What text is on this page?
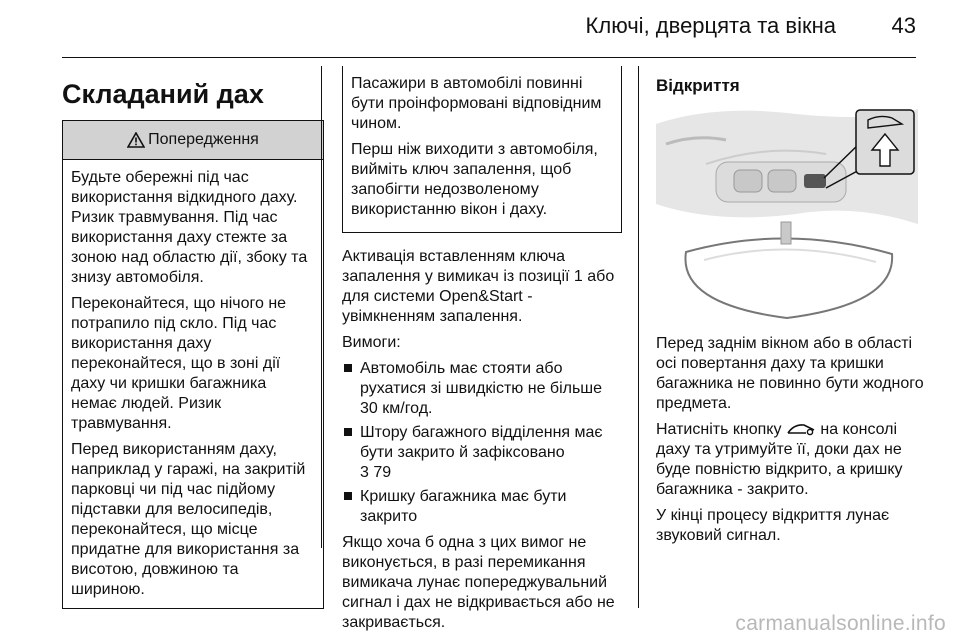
Ключі, дверцята та вікна	43
Складаний дах
Попередження

Будьте обережні під час використання відкидного даху. Ризик травмування. Під час використання даху стежте за зоною над областю дії, збоку та знизу автомобіля.

Переконайтеся, що нічого не потрапило під скло. Під час використання даху переконайтеся, що в зоні дії даху чи кришки багажника немає людей. Ризик травмування.

Перед використанням даху, наприклад у гаражі, на закритій парковці чи під час підйому підставки для велосипедів, переконайтеся, що місце придатне для використання за висотою, довжиною та шириною.

Пасажири в автомобілі повинні бути проінформовані відповідним чином.

Перш ніж виходити з автомобіля, вийміть ключ запалення, щоб запобігти недозволеному використанню вікон і даху.

Активація вставленням ключа запалення у вимикач із позиції 1 або для системи Open&Start - увімкненням запалення.

Вимоги:

Автомобіль має стояти або рухатися зі швидкістю не більше 30 км/год.
Штору багажного відділення має бути закрито й зафіксовано
3 79
Кришку багажника має бути закрито

Якщо хоча б одна з цих вимог не виконується, в разі перемикання вимикача лунає попереджувальний сигнал і дах не відкривається або не закривається.

Відкриття

Перед заднім вікном або в області осі повертання даху та кришки багажника не повинно бути жодного предмета.

Натисніть кнопку на консолі даху та утримуйте її, доки дах не буде повністю відкрито, а кришку багажника - закрито.

У кінці процесу відкриття лунає звуковий сигнал.

carmanualsonline.info
